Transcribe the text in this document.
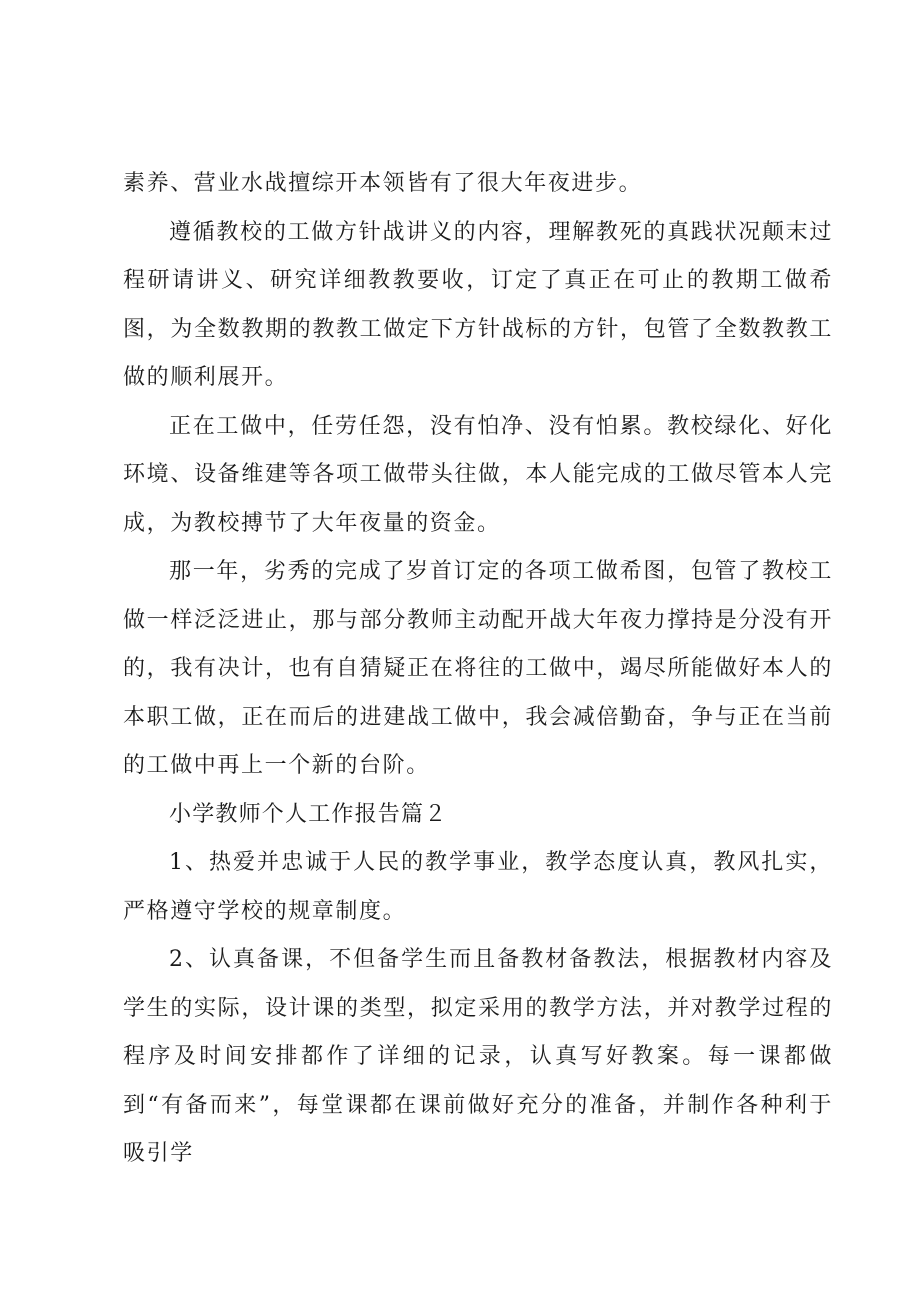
素养、营业水战擅综开本领皆有了很大年夜进步。

遵循教校的工做方针战讲义的内容，理解教死的真践状况颠末过程研请讲义、研究详细教教要收，订定了真正在可止的教期工做希图，为全数教期的教教工做定下方针战标的方针，包管了全数教教工做的顺利展开。

正在工做中，任劳任怨，没有怕净、没有怕累。教校绿化、好化环境、设备维建等各项工做带头往做，本人能完成的工做尽管本人完成，为教校搏节了大年夜量的资金。

那一年，劣秀的完成了岁首订定的各项工做希图，包管了教校工做一样泛泛进止，那与部分教师主动配开战大年夜力撑持是分没有开的，我有决计，也有自猜疑正在将往的工做中，竭尽所能做好本人的本职工做，正在而后的进建战工做中，我会减倍勤奋，争与正在当前的工做中再上一个新的台阶。

小学教师个人工作报告篇２

1、热爱并忠诚于人民的教学事业，教学态度认真，教风扎实，严格遵守学校的规章制度。

2、认真备课，不但备学生而且备教材备教法，根据教材内容及学生的实际，设计课的类型，拟定采用的教学方法，并对教学过程的程序及时间安排都作了详细的记录，认真写好教案。每一课都做到“有备而来”，每堂课都在课前做好充分的准备，并制作各种利于吸引学
